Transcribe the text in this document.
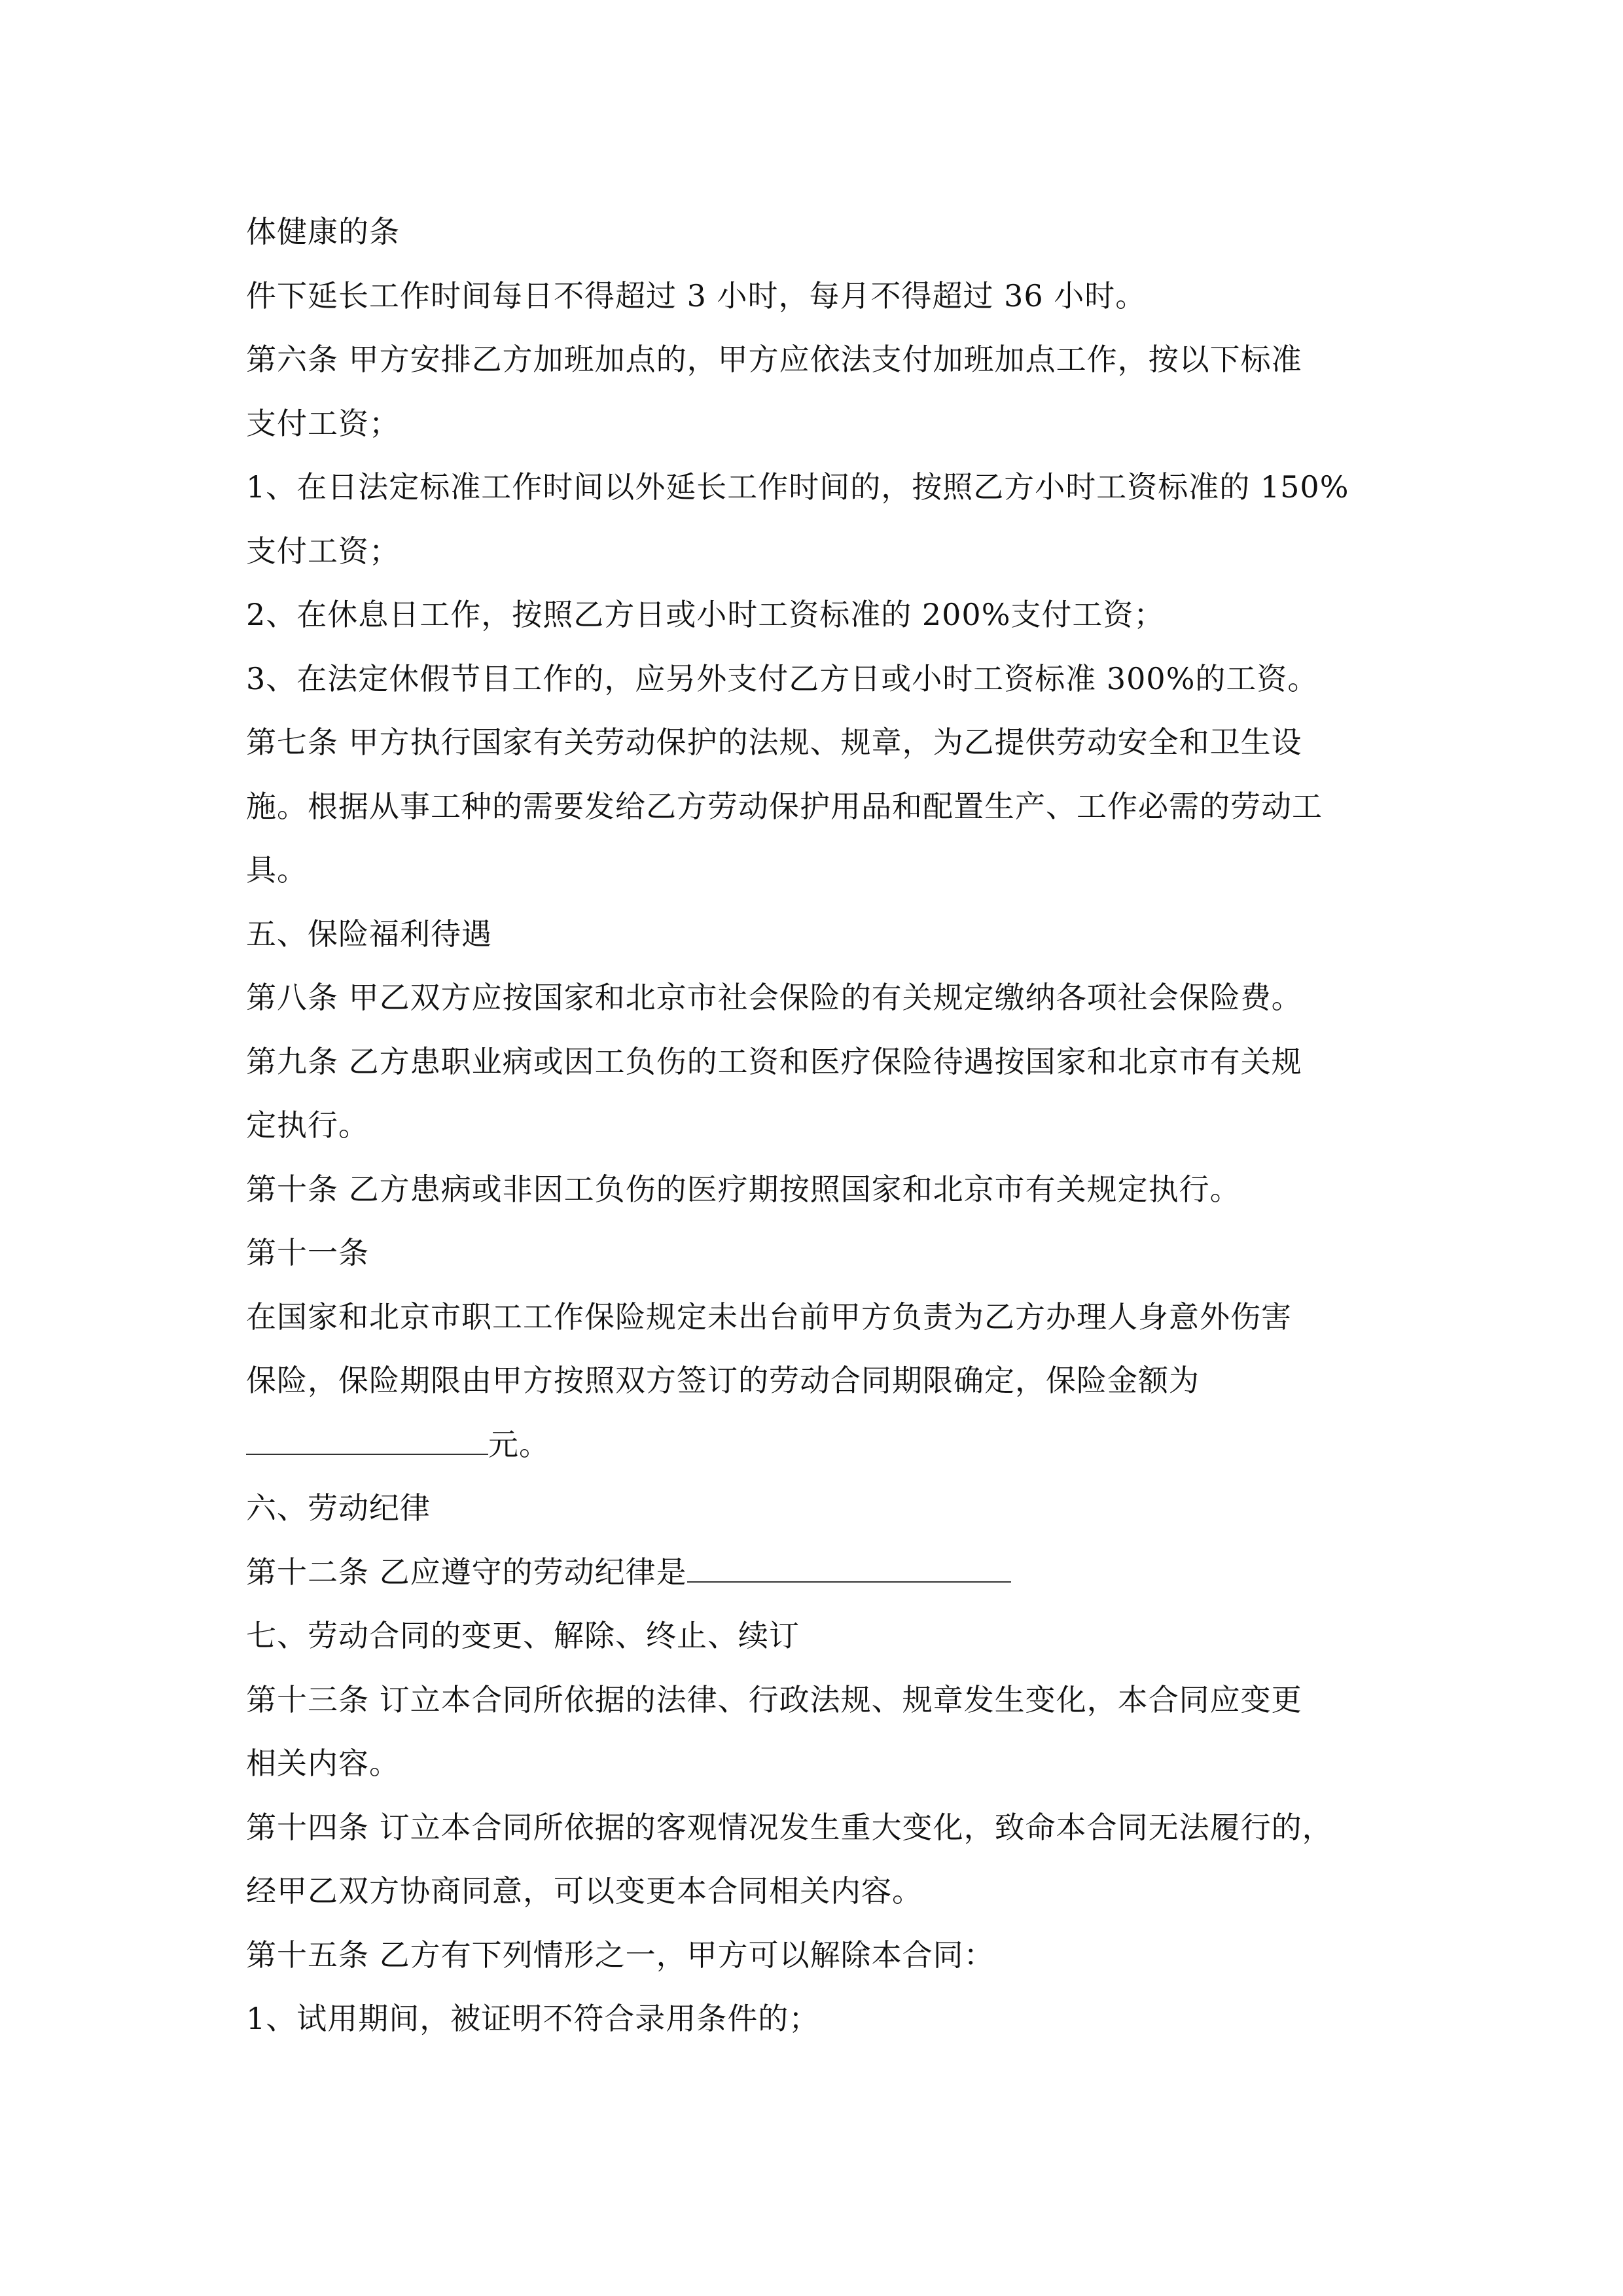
体健康的条
件下延长工作时间每日不得超过 3 小时，每月不得超过 36 小时。
第六条 甲方安排乙方加班加点的，甲方应依法支付加班加点工作，按以下标准
支付工资；
1、在日法定标准工作时间以外延长工作时间的，按照乙方小时工资标准的 150%
支付工资；
2、在休息日工作，按照乙方日或小时工资标准的 200%支付工资；
3、在法定休假节目工作的，应另外支付乙方日或小时工资标准 300%的工资。
第七条 甲方执行国家有关劳动保护的法规、规章，为乙提供劳动安全和卫生设
施。根据从事工种的需要发给乙方劳动保护用品和配置生产、工作必需的劳动工
具。
五、保险福利待遇
第八条 甲乙双方应按国家和北京市社会保险的有关规定缴纳各项社会保险费。
第九条 乙方患职业病或因工负伤的工资和医疗保险待遇按国家和北京市有关规
定执行。
第十条 乙方患病或非因工负伤的医疗期按照国家和北京市有关规定执行。
第十一条
在国家和北京市职工工作保险规定未出台前甲方负责为乙方办理人身意外伤害
保险，保险期限由甲方按照双方签订的劳动合同期限确定，保险金额为
元。
六、劳动纪律
第十二条 乙应遵守的劳动纪律是
七、劳动合同的变更、解除、终止、续订
第十三条 订立本合同所依据的法律、行政法规、规章发生变化，本合同应变更
相关内容。
第十四条 订立本合同所依据的客观情况发生重大变化，致命本合同无法履行的，
经甲乙双方协商同意，可以变更本合同相关内容。
第十五条 乙方有下列情形之一，甲方可以解除本合同：
1、试用期间，被证明不符合录用条件的；
